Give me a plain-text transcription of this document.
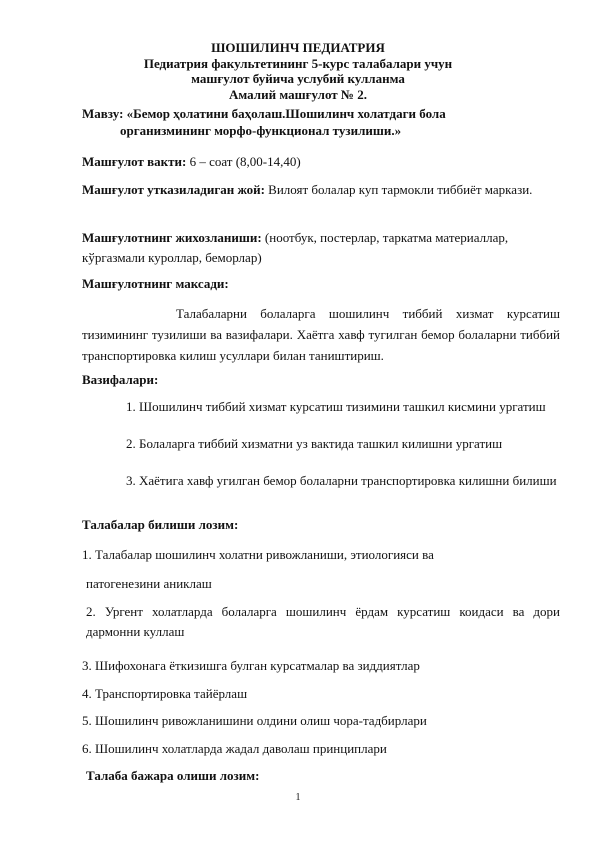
ШОШИЛИНЧ ПЕДИАТРИЯ
Педиатрия факультетининг 5-курс талабалари учун
машғулот буйича услубий кулланма
Амалий машғулот № 2.
Мавзу: «Бемор ҳолатини баҳолаш.Шошилинч холатдаги бола
организмининг морфо-функционал тузилиши.»
Машғулот вакти: 6 – соат (8,00-14,40)
Машғулот утказиладиган жой: Вилоят болалар куп тармокли тиббиёт маркази.
Машғулотнинг жихозланиши: (ноотбук, постерлар, таркатма материаллар, кўргазмали куроллар, беморлар)
Машғулотнинг максади:
Талабаларни болаларга шошилинч тиббий хизмат курсатиш тизимининг тузилиши ва вазифалари. Хаётга хавф тугилган бемор болаларни тиббий транспортировка килиш усуллари билан таништириш.
Вазифалари:
1. Шошилинч тиббий хизмат курсатиш тизимини ташкил кисмини ургатиш
2. Болаларга тиббий хизматни уз вактида ташкил килишни ургатиш
3. Хаётига хавф угилган бемор болаларни транспортировка килишни билиши
Талабалар билиши лозим:
1. Талабалар шошилинч холатни ривожланиши, этиологияси ва
патогенезини аниклаш
2. Ургент холатларда болаларга шошилинч ёрдам курсатиш коидаси ва дори дармонни куллаш
3. Шифохонага ёткизишга булган курсатмалар ва зиддиятлар
4. Транспортировка тайёрлаш
5. Шошилинч ривожланишини олдини олиш чора-тадбирлари
6. Шошилинч холатларда жадал даволаш принциплари
Талаба бажара олиши лозим:
1
